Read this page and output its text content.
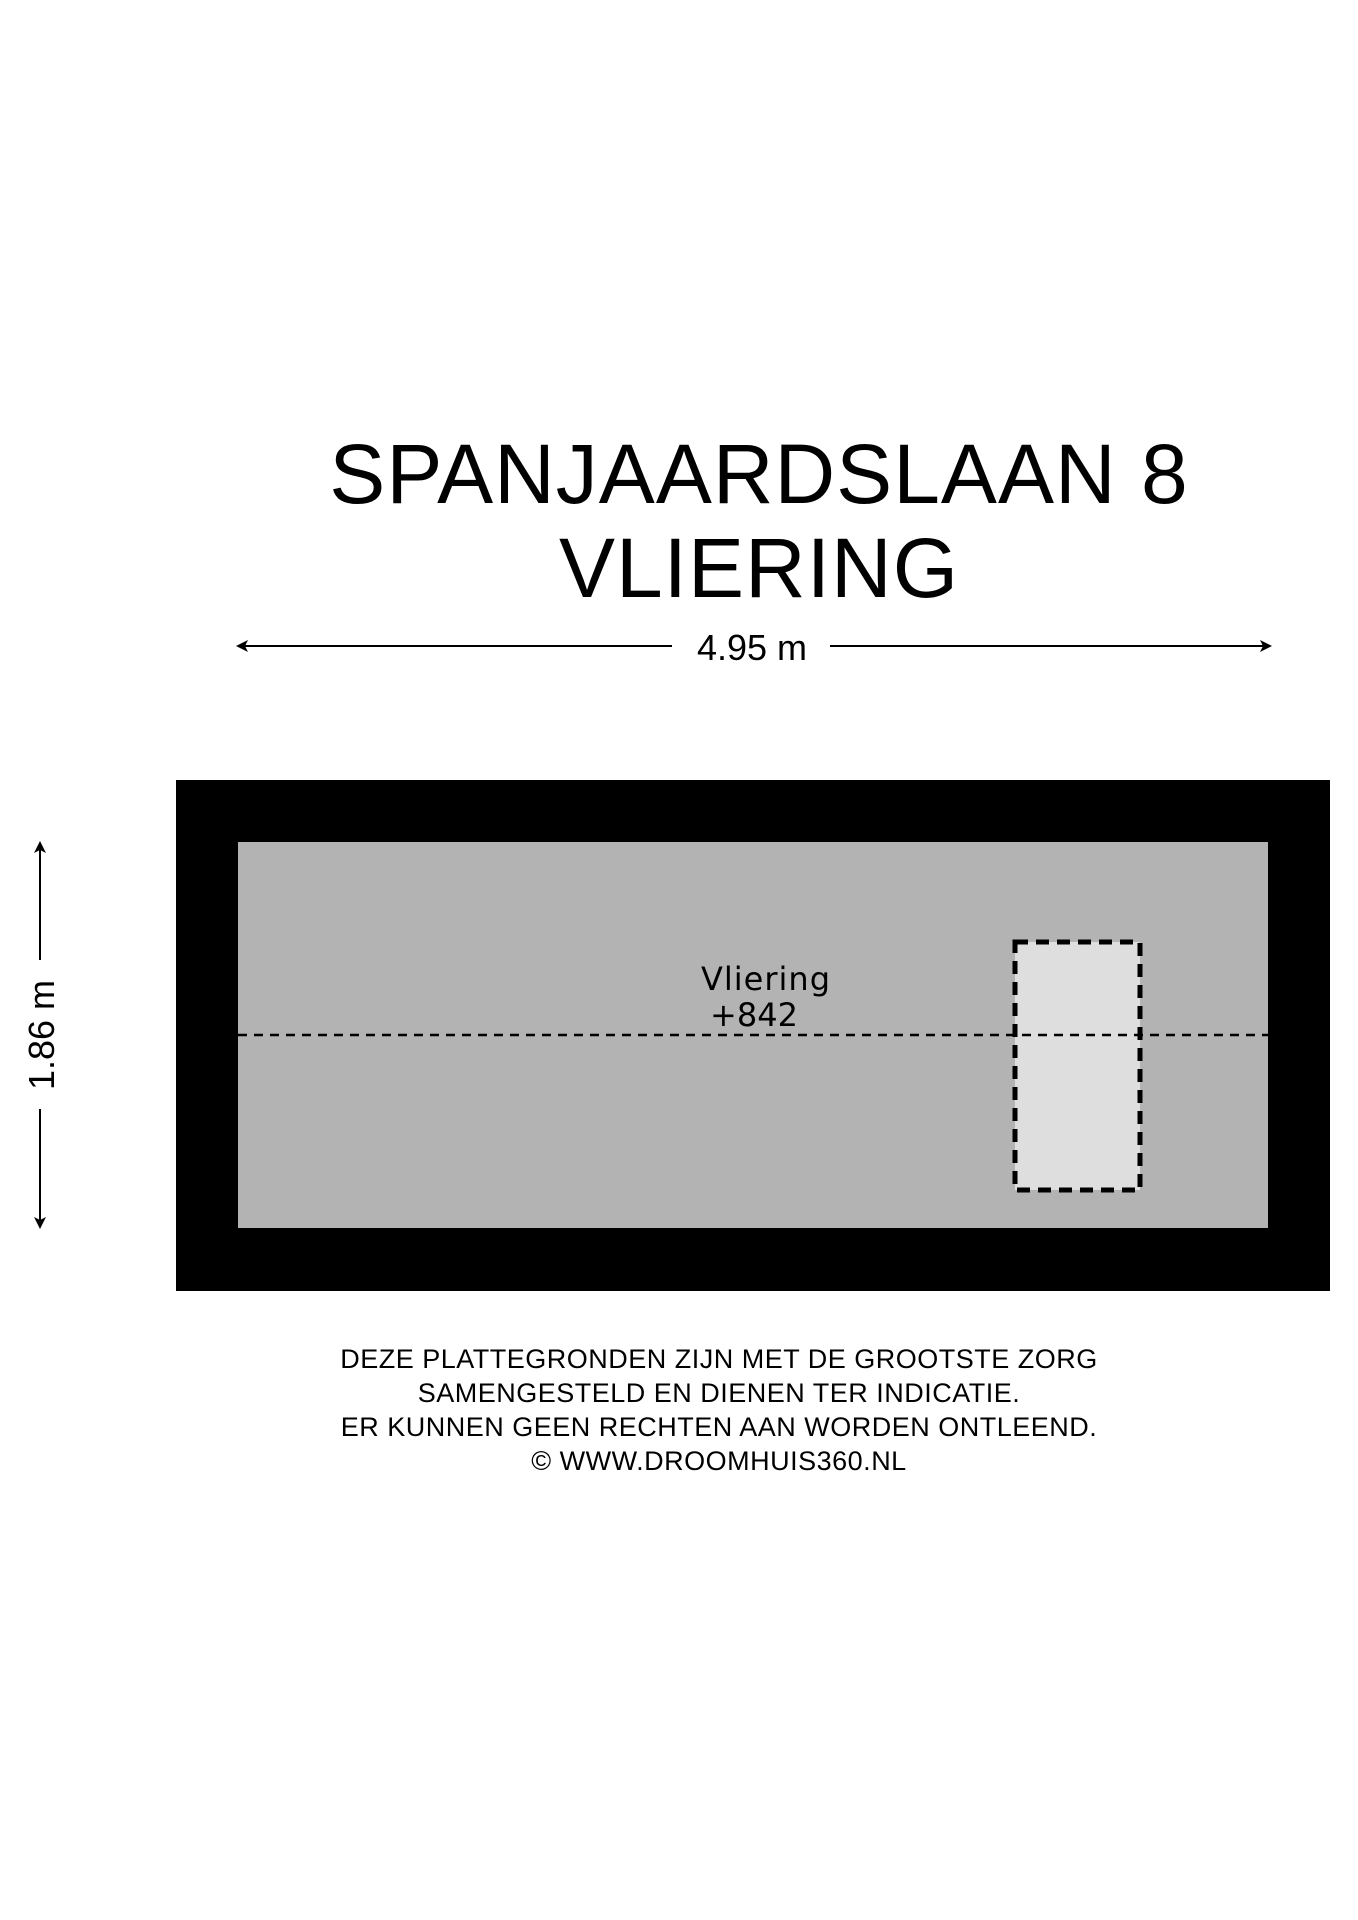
SPANJAARDSLAAN 8
VLIERING
4.95 m
1.86 m
Vliering
+842
DEZE PLATTEGRONDEN ZIJN MET DE GROOTSTE ZORG
SAMENGESTELD EN DIENEN TER INDICATIE.
ER KUNNEN GEEN RECHTEN AAN WORDEN ONTLEEND.
© WWW.DROOMHUIS360.NL
